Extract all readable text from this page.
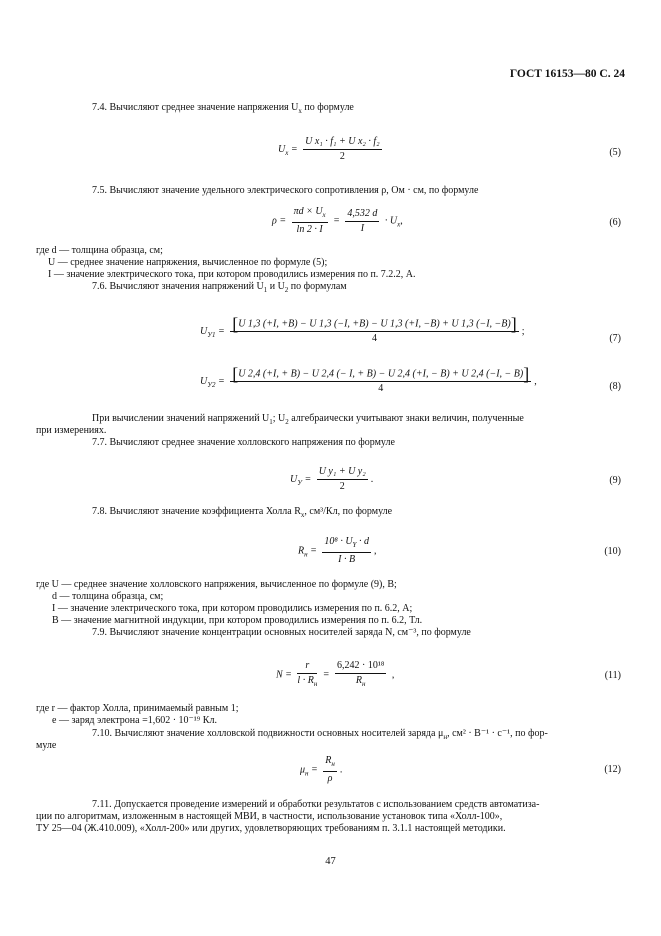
ГОСТ 16153—80 С. 24
7.4. Вычисляют среднее значение напряжения $U_x$ по формуле
$U_x = \frac{\text{U x₁ · f₁ + U x₂ · f₂}}{2}$	(5)
7.5. Вычисляют значение удельного электрического сопротивления ρ, Ом · см, по формуле
$\rho = \frac{\pi d \times U_x}{\ln 2 \cdot I} = \frac{4,532 d}{I} \cdot U_x$,	(6)
где d — толщина образца, см;
U — среднее значение напряжения, вычисленное по формуле (5);
I — значение электрического тока, при котором проводились измерения по п. 7.2.2, А.
7.6. Вычисляют значения напряжений $U_1$ и $U_2$ по формулам
$U_{У1} = [U$ 1,3 (+I, +B) − U 1,3 (−I, +B) − U 1,3 (+I, −B) + U 1,3 (−I, −B)]
4
;
(7)
$U_{У2} = [U$ 2,4 (+I, + B) − U 2,4 (− I, + B) − U 2,4 (+I, − B) + U 2,4 (−I, − B)]
4
,	(8)
При вычислении значений напряжений $U_1$; $U_2$ алгебраически учитывают знаки величин, полученные
при измерениях.
7.7. Вычисляют среднее значение холловского напряжения по формуле
$U_У = \frac{\text{U y₁ + U y₂}}{2}$ .	(9)
7.8. Вычисляют значение коэффициента Холла $R_x$, см³/Кл, по формуле
$R_н = \frac{10^8 \cdot U_Y \cdot d}{I \cdot B}$ ,	(10)
где U — среднее значение холловского напряжения, вычисленное по формуле (9), В;
d — толщина образца, см;
I — значение электрического тока, при котором проводились измерения по п. 6.2, А;
B — значение магнитной индукции, при котором проводились измерения по п. 6.2, Тл.
7.9. Вычисляют значение концентрации основных носителей заряда N, см⁻³, по формуле
$N = \frac{r}{l \cdot R_н} = \frac{\text{6,242 · 10¹⁸}}{R_н}$ ,	(11)
где r — фактор Холла, принимаемый равным 1;
e — заряд электрона =1,602 · 10⁻¹⁹ Кл.
7.10. Вычисляют значение холловской подвижности основных носителей заряда $\mu_н$, см² · В⁻¹ · с⁻¹, по фор-
муле
$\mu_н = \frac{R_н}{\rho}$ .	(12)
7.11. Допускается проведение измерений и обработки результатов с использованием средств автоматиза-
ции по алгоритмам, изложенным в настоящей МВИ, в частности, использование установок типа «Холл-100»,
ТУ 25—04 (Ж.410.009), «Холл-200» или других, удовлетворяющих требованиям п. 3.1.1 настоящей методики.
47
